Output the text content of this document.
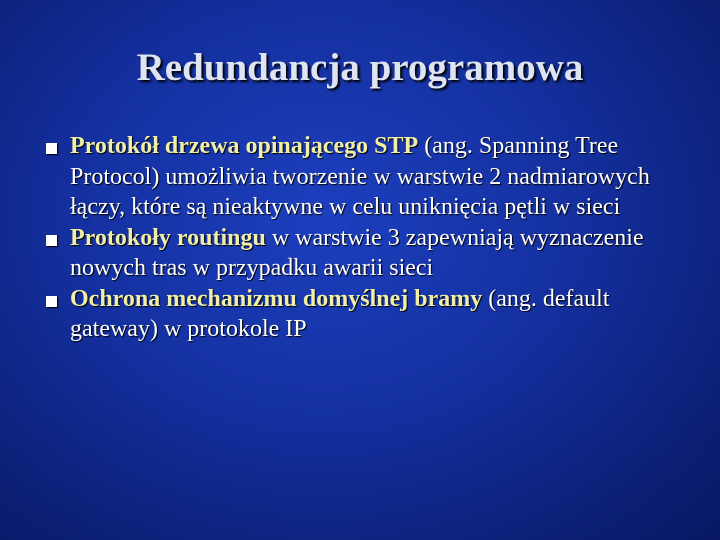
Redundancja programowa
Protokół drzewa opinającego STP (ang. Spanning Tree Protocol) umożliwia tworzenie w warstwie 2 nadmiarowych łączy, które są nieaktywne w celu uniknięcia pętli w sieci
Protokoły routingu w warstwie 3 zapewniają wyznaczenie nowych tras w przypadku awarii sieci
Ochrona mechanizmu domyślnej bramy (ang. default gateway) w protokole IP
